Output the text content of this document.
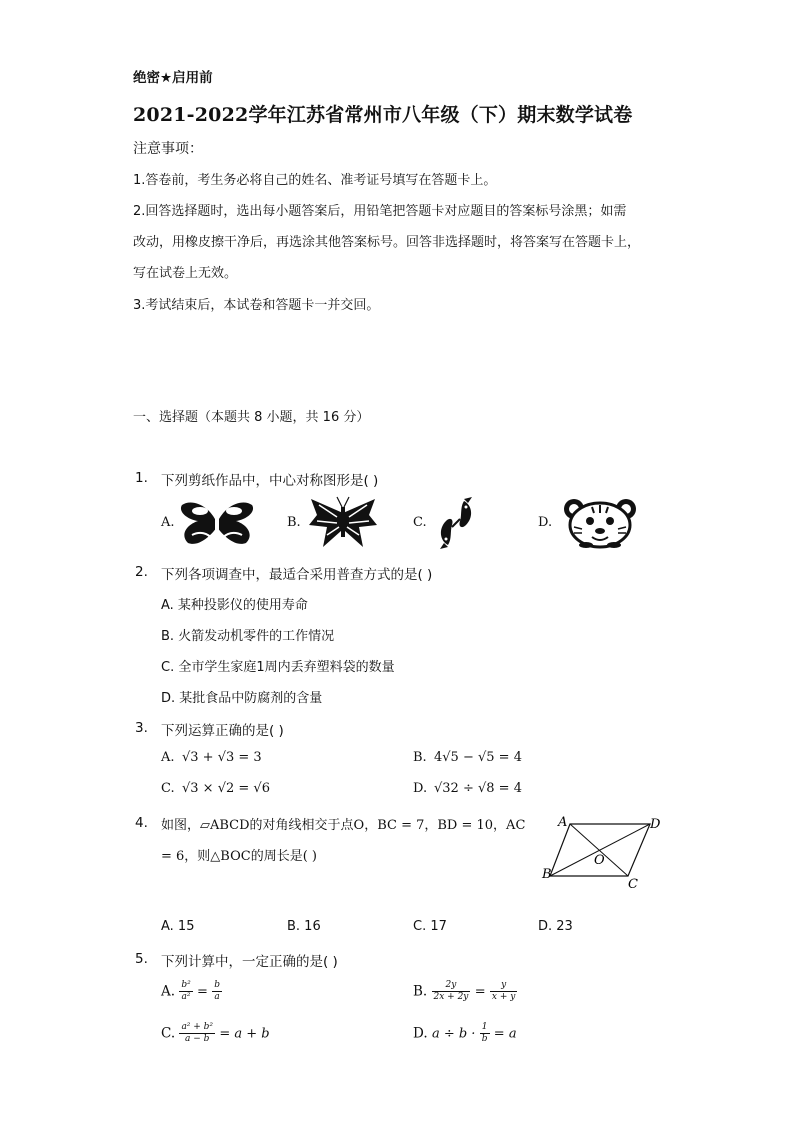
绝密★启用前
2021-2022学年江苏省常州市八年级（下）期末数学试卷
注意事项：
1.答卷前，考生务必将自己的姓名、准考证号填写在答题卡上。
2.回答选择题时，选出每小题答案后，用铅笔把答题卡对应题目的答案标号涂黑；如需
改动，用橡皮擦干净后，再选涂其他答案标号。回答非选择题时，将答案写在答题卡上，
写在试卷上无效。
3.考试结束后，本试卷和答题卡一并交回。
一、选择题（本题共 8 小题，共 16 分）
1. 下列剪纸作品中，中心对称图形是( )
A.	B.	C.	D.
2. 下列各项调查中，最适合采用普查方式的是( )
A. 某种投影仪的使用寿命
B. 火箭发动机零件的工作情况
C. 全市学生家庭1周内丢弃塑料袋的数量
D. 某批食品中防腐剂的含量
3. 下列运算正确的是( )
A. √3 + √3 = 3	B. 4√5 − √5 = 4
C. √3 × √2 = √6	D. √32 ÷ √8 = 4
4. 如图，▱ABCD的对角线相交于点O，BC = 7，BD = 10，AC
= 6，则△BOC的周长是( )
A	D
O
B
C
A. 15	B. 16	C. 17	D. 23
5. 下列计算中，一定正确的是( )
A. $\frac{\text{b²}}{\text{a²}} = \frac{b}{a}$	B. $\frac{2y}{2x + 2y} = \frac{y}{x + y}$
C. $\frac{\text{a² + b²}}{a - b} = a + b$	D. $a \div b \cdot \frac{1}{b} = a$
